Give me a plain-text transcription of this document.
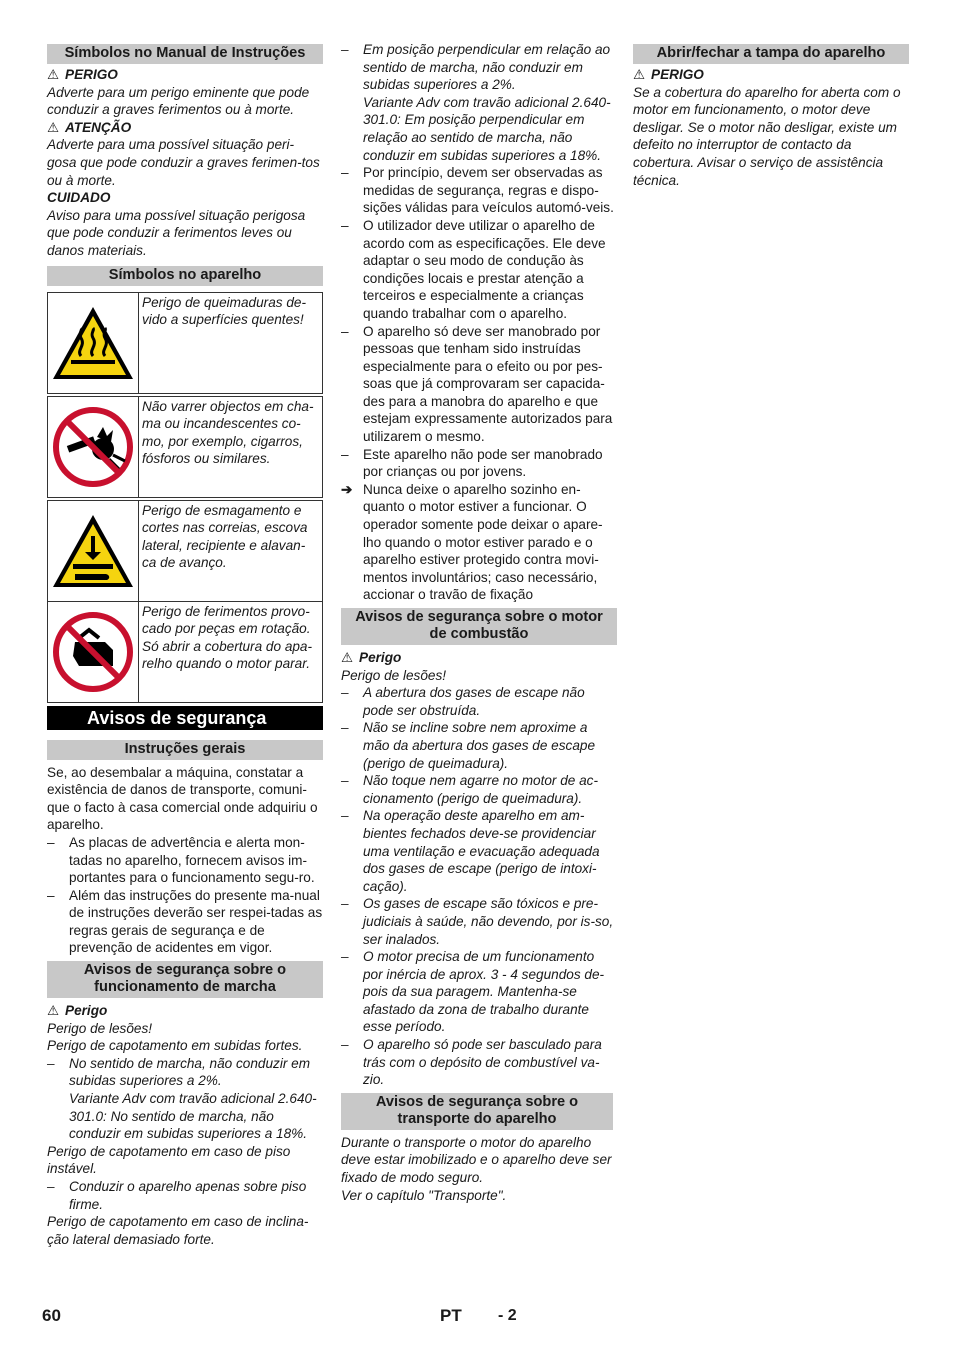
Símbolos no Manual de Instruções

⚠ PERIGO

Adverte para um perigo eminente que pode conduzir a graves ferimentos ou à morte.

⚠ ATENÇÃO

Adverte para uma possível situação peri-gosa que pode conduzir a graves ferimen-tos ou à morte.

CUIDADO

Aviso para uma possível situação perigosa que pode conduzir a ferimentos leves ou danos materiais.

Símbolos no aparelho
Perigo de queimaduras de-vido a superfícies quentes!
Não varrer objectos em cha-ma ou incandescentes co-mo, por exemplo, cigarros, fósforos ou similares.
Perigo de esmagamento e cortes nas correias, escova lateral, recipiente e alavan-ca de avanço.
Perigo de ferimentos provo-cado por peças em rotação. Só abrir a cobertura do apa-relho quando o motor parar.
Avisos de segurança
Instruções gerais

Se, ao desembalar a máquina, constatar a existência de danos de transporte, comuni-que o facto à casa comercial onde adquiriu o aparelho.

–	As placas de advertência e alerta mon-tadas no aparelho, fornecem avisos im-portantes para o funcionamento segu-ro.
–	Além das instruções do presente ma-nual de instruções deverão ser respei-tadas as regras gerais de segurança e de prevenção de acidentes em vigor.
Avisos de segurança sobre o funcionamento de marcha

⚠ Perigo

Perigo de lesões!

Perigo de capotamento em subidas fortes.

–	No sentido de marcha, não conduzir em subidas superiores a 2%.
Variante Adv com travão adicional 2.640-301.0: No sentido de marcha, não conduzir em subidas superiores a 18%.

Perigo de capotamento em caso de piso instável.

–	Conduzir o aparelho apenas sobre piso firme.

Perigo de capotamento em caso de inclina-ção lateral demasiado forte.

–	Em posição perpendicular em relação ao sentido de marcha, não conduzir em subidas superiores a 2%.
Variante Adv com travão adicional 2.640-301.0: Em posição perpendicular em relação ao sentido de marcha, não conduzir em subidas superiores a 18%.
–	Por princípio, devem ser observadas as medidas de segurança, regras e dispo-sições válidas para veículos automó-veis.
–	O utilizador deve utilizar o aparelho de acordo com as especificações. Ele deve adaptar o seu modo de condução às condições locais e prestar atenção a terceiros e especialmente a crianças quando trabalhar com o aparelho.
–	O aparelho só deve ser manobrado por pessoas que tenham sido instruídas especialmente para o efeito ou por pes-soas que já comprovaram ser capacida-des para a manobra do aparelho e que estejam expressamente autorizados para utilizarem o mesmo.
–	Este aparelho não pode ser manobrado por crianças ou por jovens.
➔ Nunca deixe o aparelho sozinho en-quanto o motor estiver a funcionar. O operador somente pode deixar o apare-lho quando o motor estiver parado e o aparelho estiver protegido contra movi-mentos involuntários; caso necessário, accionar o travão de fixação
Avisos de segurança sobre o motor de combustão

⚠ Perigo

Perigo de lesões!

–	A abertura dos gases de escape não pode ser obstruída.
–	Não se incline sobre nem aproxime a mão da abertura dos gases de escape (perigo de queimadura).
–	Não toque nem agarre no motor de ac-cionamento (perigo de queimadura).
–	Na operação deste aparelho em am-bientes fechados deve-se providenciar uma ventilação e evacuação adequada dos gases de escape (perigo de intoxi-cação).
–	Os gases de escape são tóxicos e pre-judiciais à saúde, não devendo, por is-so, ser inalados.
–	O motor precisa de um funcionamento por inércia de aprox. 3 - 4 segundos de-pois da sua paragem. Mantenha-se afastado da zona de trabalho durante esse período.
–	O aparelho só pode ser basculado para trás com o depósito de combustível va-zio.
Avisos de segurança sobre o transporte do aparelho

Durante o transporte o motor do aparelho deve estar imobilizado e o aparelho deve ser fixado de modo seguro.

Ver o capítulo "Transporte".

Abrir/fechar a tampa do aparelho

⚠ PERIGO

Se a cobertura do aparelho for aberta com o motor em funcionamento, o motor deve desligar. Se o motor não desligar, existe um defeito no interruptor de contacto da cobertura. Avisar o serviço de assistência técnica.

60	PT - 2
